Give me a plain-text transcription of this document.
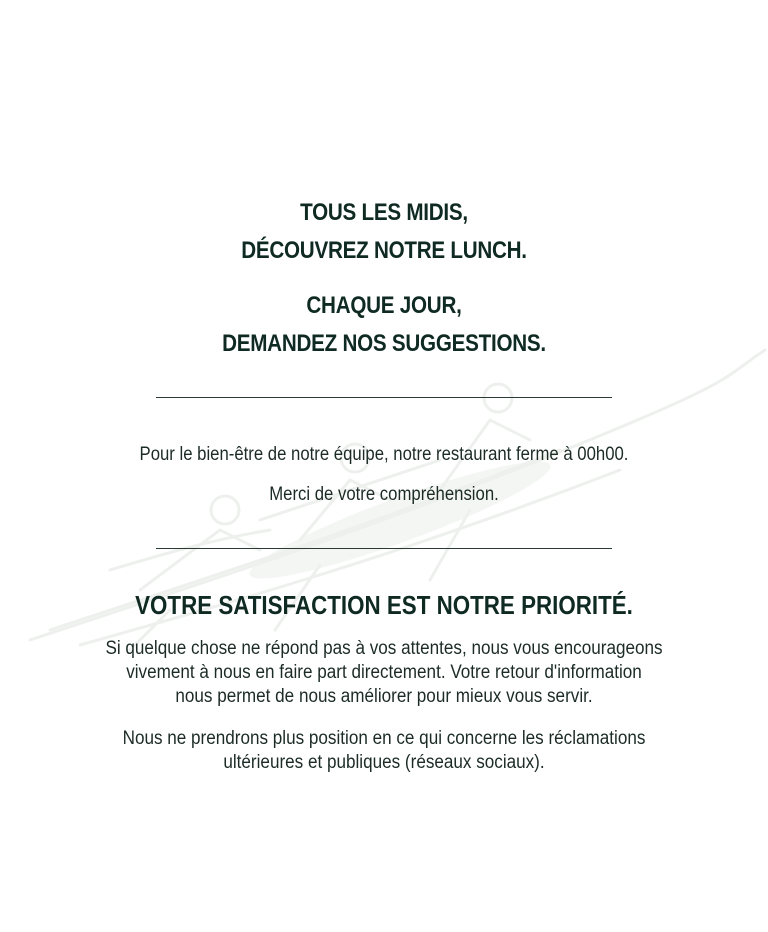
TOUS LES MIDIS,
DÉCOUVREZ NOTRE LUNCH.
CHAQUE JOUR,
DEMANDEZ NOS SUGGESTIONS.
Pour le bien-être de notre équipe, notre restaurant ferme à 00h00.
Merci de votre compréhension.
VOTRE SATISFACTION EST NOTRE PRIORITÉ.
Si quelque chose ne répond pas à vos attentes, nous vous encourageons
vivement à nous en faire part directement. Votre retour d'information
nous permet de nous améliorer pour mieux vous servir.
Nous ne prendrons plus position en ce qui concerne les réclamations
ultérieures et publiques (réseaux sociaux).
